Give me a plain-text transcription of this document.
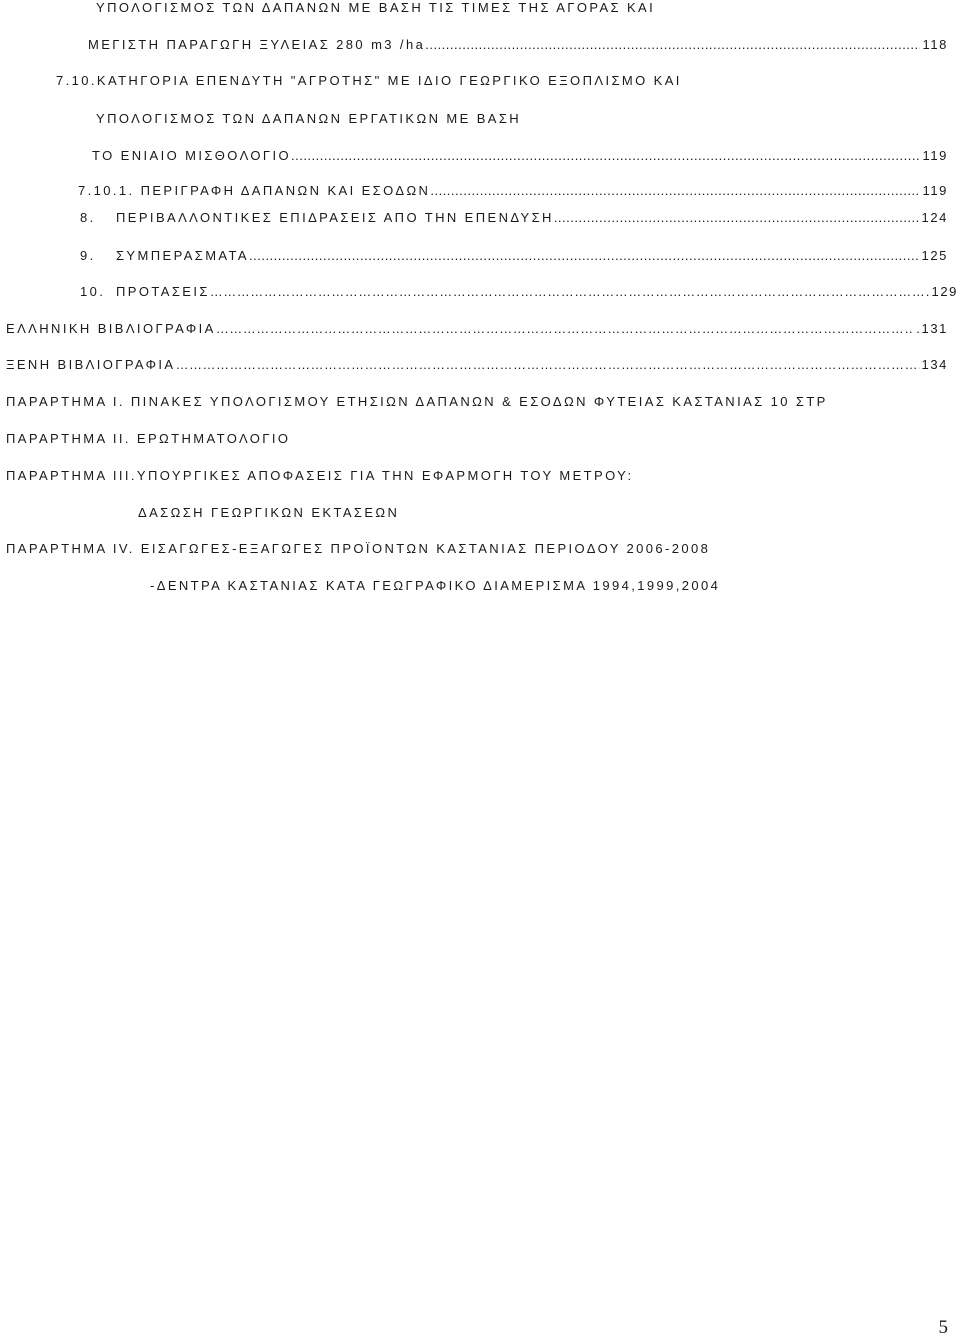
ΥΠΟΛΟΓΙΣΜΟΣ ΤΩΝ ΔΑΠΑΝΩΝ ΜΕ ΒΑΣΗ ΤΙΣ ΤΙΜΕΣ ΤΗΣ ΑΓΟΡΑΣ ΚΑΙ
ΜΕΓΙΣΤΗ ΠΑΡΑΓΩΓΗ ΞΥΛΕΙΑΣ 280 m3 /ha .....	118
7.10.ΚΑΤΗΓΟΡΙΑ ΕΠΕΝΔΥΤΗ "ΑΓΡΟΤΗΣ" ΜΕ ΙΔΙΟ ΓΕΩΡΓΙΚΟ ΕΞΟΠΛΙΣΜΟ ΚΑΙ
ΥΠΟΛΟΓΙΣΜΟΣ ΤΩΝ ΔΑΠΑΝΩΝ ΕΡΓΑΤΙΚΩΝ ΜΕ ΒΑΣΗ
ΤΟ ΕΝΙΑΙΟ ΜΙΣΘΟΛΟΓΙΟ .....	119
7.10.1. ΠΕΡΙΓΡΑΦΗ ΔΑΠΑΝΩΝ ΚΑΙ ΕΣΟΔΩΝ .....	119
8.	ΠΕΡΙΒΑΛΛΟΝΤΙΚΕΣ ΕΠΙΔΡΑΣΕΙΣ ΑΠΟ ΤΗΝ ΕΠΕΝΔΥΣΗ .....	124
9.	ΣΥΜΠΕΡΑΣΜΑΤΑ .....	125
10. ΠΡΟΤΑΣΕΙΣ ………………………………………………………………………………………………………………………………………………………………………………………………………………	129
ΕΛΛΗΝΙΚΗ ΒΙΒΛΙΟΓΡΑΦΙΑ ………………………………………………………………………………………………………………………………………………………………………………………………………………	.131
ΞΕΝΗ ΒΙΒΛΙΟΓΡΑΦΙΑ ………………………………………………………………………………………………………………………………………………………………………………………………………………	134
ΠΑΡΑΡΤΗΜΑ Ι. ΠΙΝΑΚΕΣ ΥΠΟΛΟΓΙΣΜΟΥ ΕΤΗΣΙΩΝ ΔΑΠΑΝΩΝ & ΕΣΟΔΩΝ ΦΥΤΕΙΑΣ ΚΑΣΤΑΝΙΑΣ 10 ΣΤΡ
ΠΑΡΑΡΤΗΜΑ ΙΙ. ΕΡΩΤΗΜΑΤΟΛΟΓΙΟ
ΠΑΡΑΡΤΗΜΑ ΙΙΙ.ΥΠΟΥΡΓΙΚΕΣ ΑΠΟΦΑΣΕΙΣ ΓΙΑ ΤΗΝ ΕΦΑΡΜΟΓΗ ΤΟΥ ΜΕΤΡΟΥ:
ΔΑΣΩΣΗ ΓΕΩΡΓΙΚΩΝ ΕΚΤΑΣΕΩΝ
ΠΑΡΑΡΤΗΜΑ IV. ΕΙΣΑΓΩΓΕΣ-ΕΞΑΓΩΓΕΣ ΠΡΟΪΟΝΤΩΝ ΚΑΣΤΑΝΙΑΣ ΠΕΡΙΟΔΟΥ 2006-2008
-ΔΕΝΤΡΑ ΚΑΣΤΑΝΙΑΣ ΚΑΤΑ ΓΕΩΓΡΑΦΙΚΟ ΔΙΑΜΕΡΙΣΜΑ 1994,1999,2004
5
